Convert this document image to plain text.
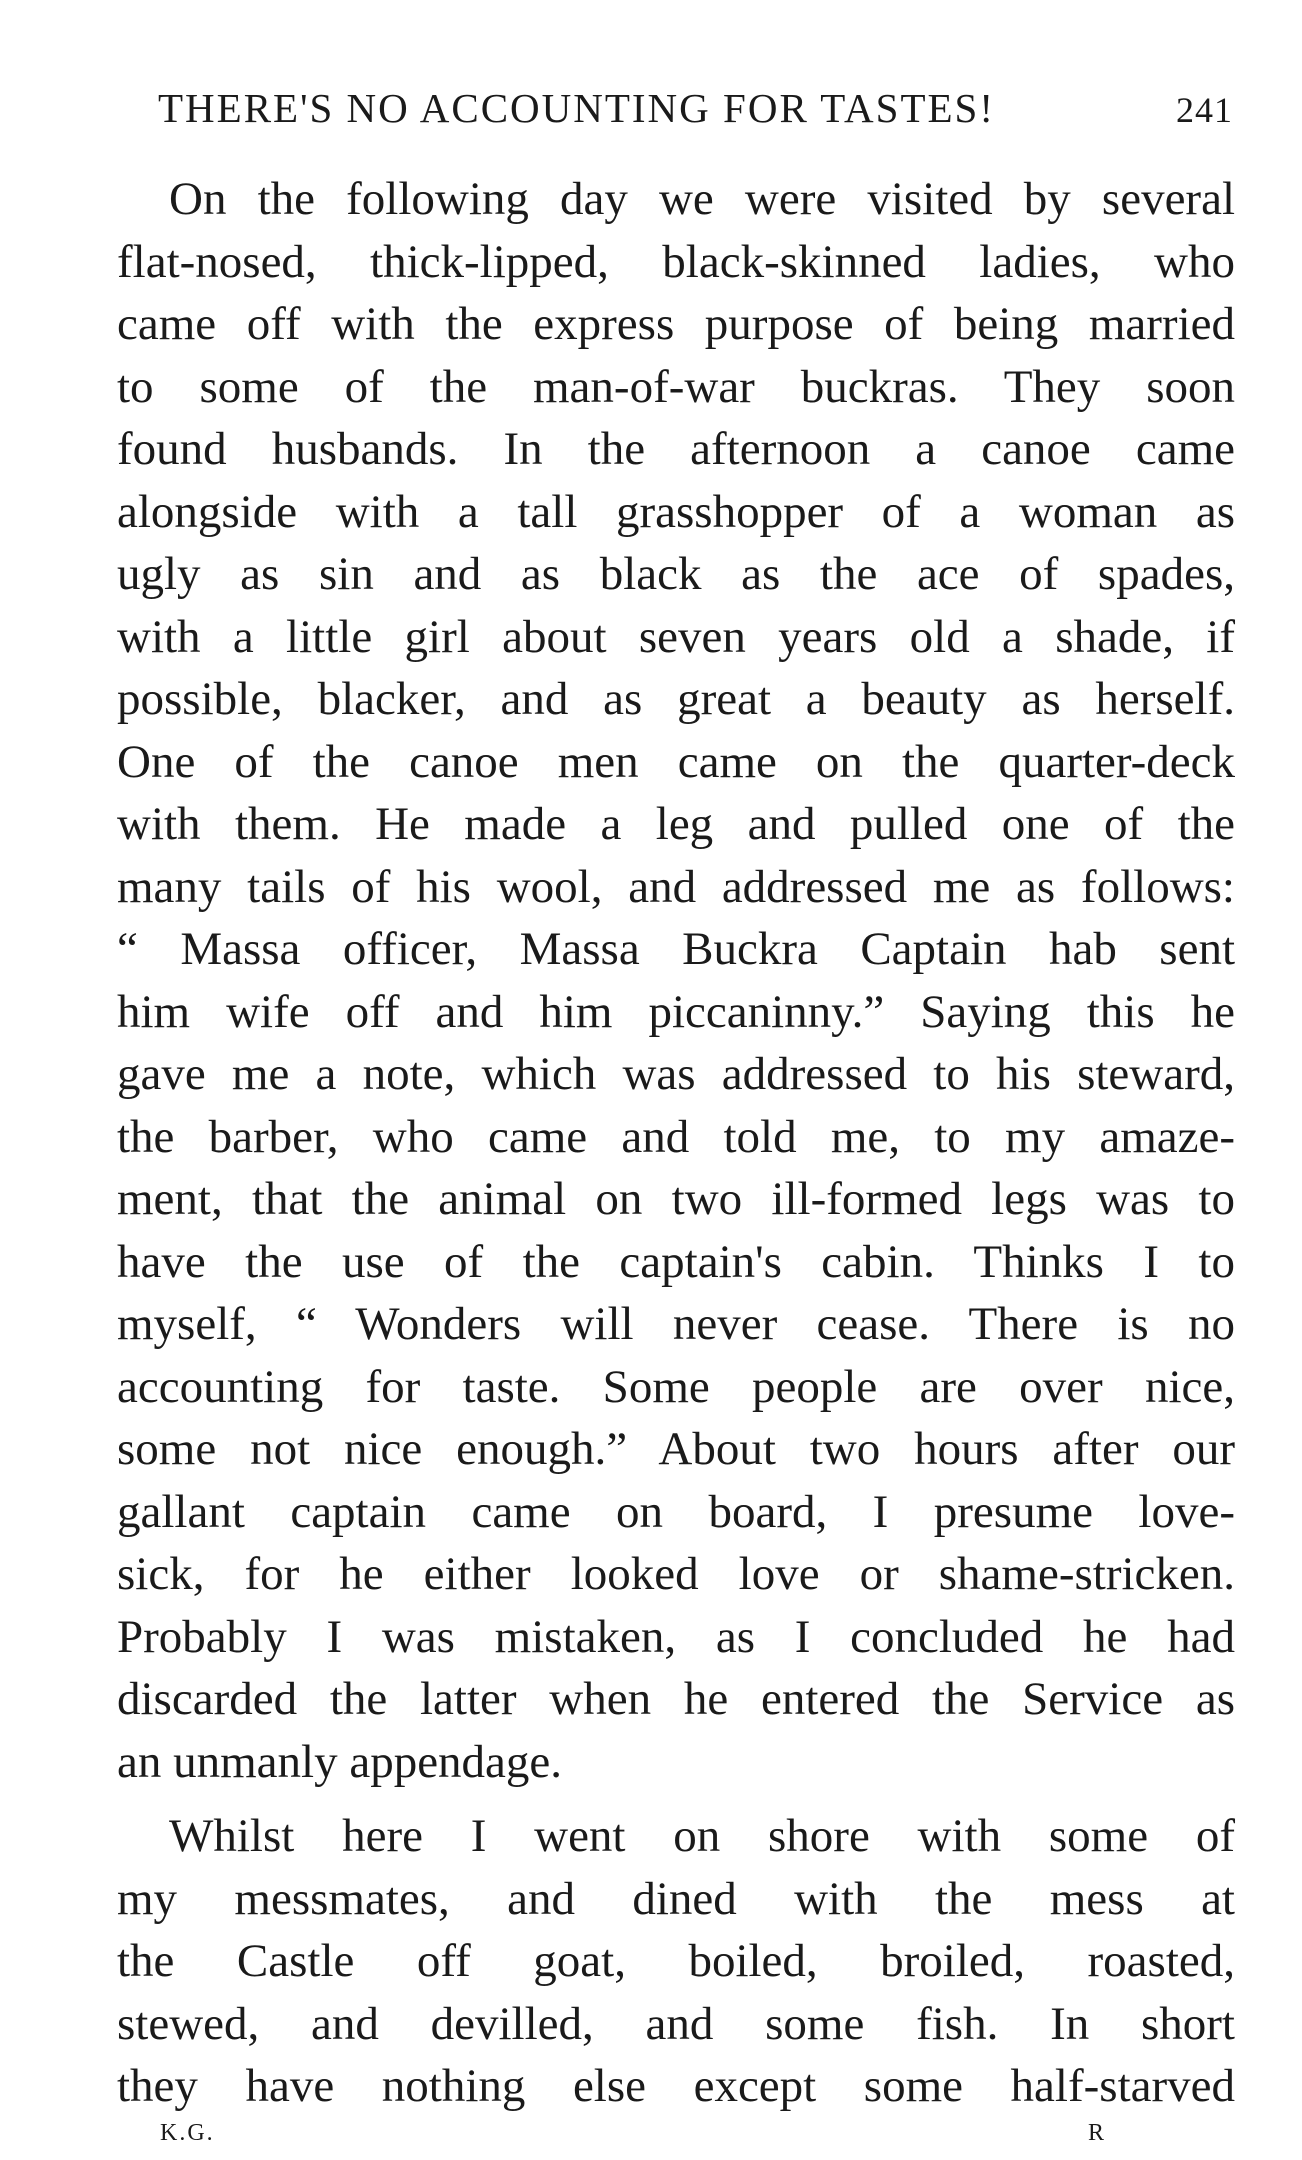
THERE'S NO ACCOUNTING FOR TASTES!	241
On the following day we were visited by several
flat-nosed, thick-lipped, black-skinned ladies, who
came off with the express purpose of being married
to some of the man-of-war buckras. They soon
found husbands. In the afternoon a canoe came
alongside with a tall grasshopper of a woman as
ugly as sin and as black as the ace of spades,
with a little girl about seven years old a shade, if
possible, blacker, and as great a beauty as herself.
One of the canoe men came on the quarter-deck
with them. He made a leg and pulled one of the
many tails of his wool, and addressed me as follows:
“ Massa officer, Massa Buckra Captain hab sent
him wife off and him piccaninny.” Saying this he
gave me a note, which was addressed to his steward,
the barber, who came and told me, to my amaze-
ment, that the animal on two ill-formed legs was to
have the use of the captain's cabin. Thinks I to
myself, “ Wonders will never cease. There is no
accounting for taste. Some people are over nice,
some not nice enough.” About two hours after our
gallant captain came on board, I presume love-
sick, for he either looked love or shame-stricken.
Probably I was mistaken, as I concluded he had
discarded the latter when he entered the Service as
an unmanly appendage.
Whilst here I went on shore with some of
my messmates, and dined with the mess at
the Castle off goat, boiled, broiled, roasted,
stewed, and devilled, and some fish. In short
they have nothing else except some half-starved
K.G.	R
